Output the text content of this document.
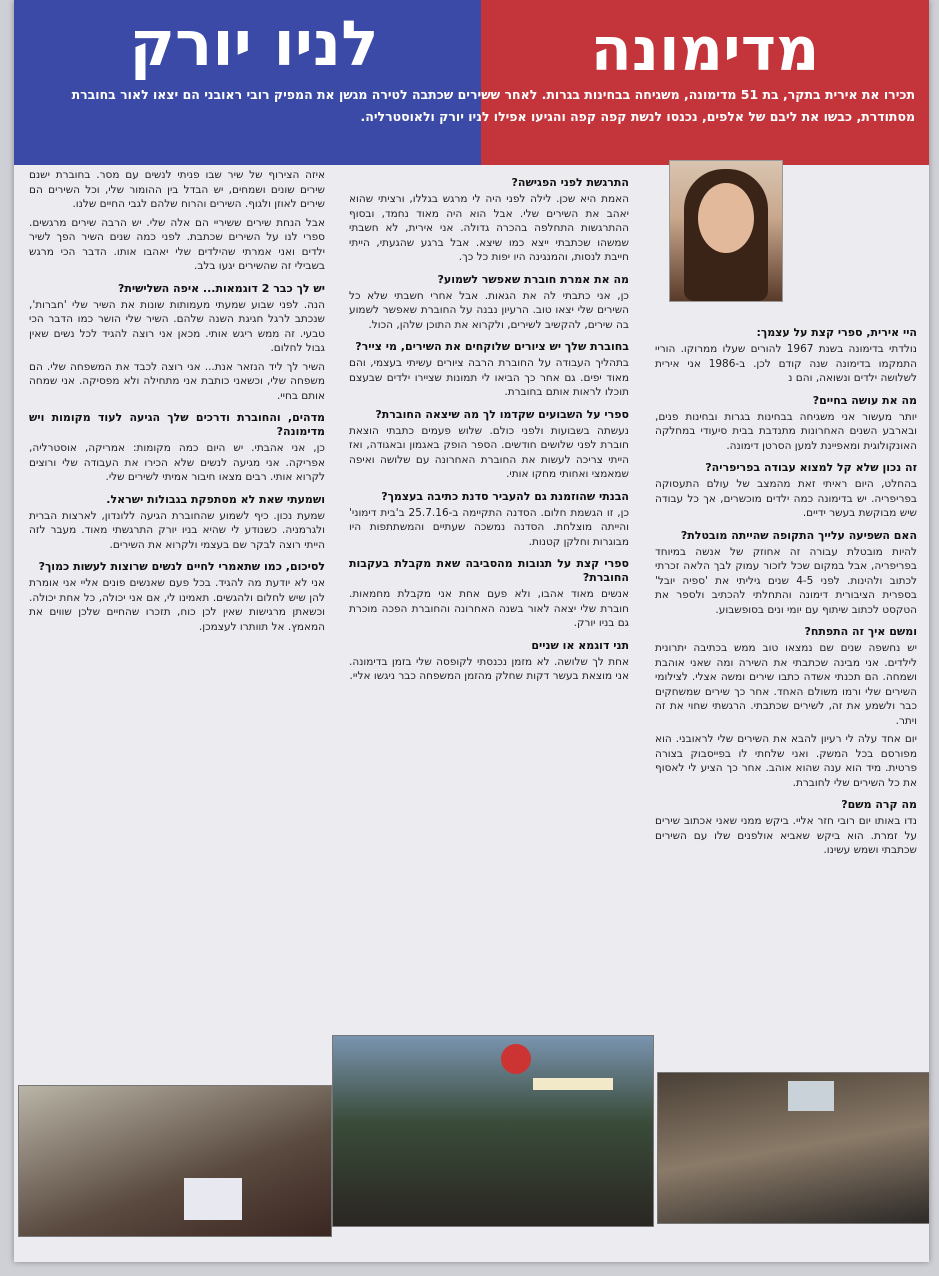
מדימונה
לניו יורק
תכירו את אירית בתקר, בת 51 מדימונה, משגיחה בבחינות בגרות. לאחר ששירים שכתבה לטירה מגשן את המפיק רובי ראובני הם יצאו לאור בחוברת מסתודרת, כבשו את ליבם של אלפים, נכנסו לנשת קפה קפה והגיעו אפילו לניו יורק ולאוסטרליה.
היי אירית, ספרי קצת על עצמך:

נולדתי בדימונה בשנת 1967 להורים שעלו ממרוקו. הוריי התמקמו בדימונה שנה קודם לכן. ב-1986 אני אירית לשלושה ילדים ונשואה, והם נ

מה את עושה בחיים?

יותר מעשור אני משגיחה בבחינות בגרות ובחינות פנים, ובארבע השנים האחרונות מתנדבת בבית סיעודי במחלקה האונקולוגית ומאפיינת למען הסרטן דימונה.

זה נכון שלא קל למצוא עבודה בפריפריה?

בהחלט, היום ראיתי זאת מהמצב של עולם התעסוקה בפריפריה. יש בדימונה כמה ילדים מוכשרים, אך כל עבודה שיש מבוקשת בעשר ידיים.

האם השפיעה עלייך התקופה שהייתה מובטלת?

להיות מובטלת עבורה זה אחוזק של אנשה במיוחד בפריפריה, אבל במקום שכל לזכור עמוק לבך הלאה זכרתי לכתוב ולהינות. לפני 4-5 שנים גיליתי את 'ספיה יובל' בספרית הציבורית דימונה והתחלתי להכתיב ולספר את הטקסט לכתוב שיתוף עם יומי ונים בסופשבוע.

ומשם איך זה התפתח?

יש נחשפה שנים שם נמצאו טוב ממש בכתיבה יתרונית לילדים. אני מבינה שכתבתי את השירה ומה שאני אוהבת ושמחה. הם תכנתי אשדה כתבו שירים ומשה אצלי. לצילומי השירים שלי ורמו משולם האחד. אחר כך שירים שמשחקים כבר ולשמע את זה, לשירים שכתבתי. הרגשתי שחוי את זה ויתר.

יום אחד עלה לי רעיון להבא את השירים שלי לראובני. הוא מפורסם בכל המשק. ואני שלחתי לו בפייסבוק בצורה פרטית. מיד הוא ענה שהוא אוהב. אחר כך הציע לי לאסוף את כל השירים שלי לחוברת.

מה קרה משם?

נדו באותו יום רובי חזר אליי. ביקש ממני שאני אכתוב שירים על זמרת. הוא ביקש שאביא אולפנים שלו עם השירים שכתבתי ושמש עשינו.

התרגשת לפני הפגישה?

האמת היא שכן. לילה לפני היה לי מרגש בגללו, ורציתי שהוא יאהב את השירים שלי. אבל הוא היה מאוד נחמד, ובסוף ההתרגשות התחלפה בהכרה גדולה. אני אירית, לא חשבתי שמשהו שכתבתי ייצא כמו שיצא. אבל ברגע שהגעתי, הייתי חייבת לנסות, והמנגינה היו יפות כל כך.

מה את אמרת חוברת שאפשר לשמוע?

כן, אני כתבתי לה את הגאות. אבל אחרי חשבתי שלא כל השירים שלי יצאו טוב. הרעיון נבנה על החוברת שאפשר לשמוע בה שירים, להקשיב לשירים, ולקרוא את התוכן שלהן, הכול.

בחוברת שלך יש ציורים שלוקחים את השירים, מי צייר?

בתהליך העבודה על החוברת הרבה ציורים עשיתי בעצמי, והם מאוד יפים. גם אחר כך הביאו לי תמונות שציירו ילדים שבעצם תוכלו לראות אותם בחוברת.

ספרי על השבועים שקדמו לך מה שיצאה החוברת?

נעשתה בשבועות ולפני כולם. שלוש פעמים כתבתי הוצאת חוברת לפני שלושים חודשים. הספר הופק באגמון ובאגודה, ואז הייתי צריכה לעשות את החוברת האחרונה עם שלושה ואיפה שמאמצי ואחותי מחקו אותי.

הבנתי שהוזמנת גם להעביר סדנת כתיבה בעצמך?

כן, זו הגשמת חלום. הסדנה התקיימה ב-25.7.16 ב'בית דימוני' והייתה מוצלחת. הסדנה נמשכה שעתיים והמשתתפות היו מבוגרות וחלקן קטנות.

ספרי קצת על תגובות מהסביבה שאת מקבלת בעקבות החוברת?

אנשים מאוד אהבו, ולא פעם אחת אני מקבלת מחמאות. חוברת שלי יצאה לאור בשנה האחרונה והחוברת הפכה מוכרת גם בניו יורק.

תני דוגמא או שניים

אחת לך שלושה. לא מזמן נכנסתי לקופסה שלי בזמן בדימונה. אני מוצאת בעשר דקות שחלק מהזמן המשפחה כבר ניגשו אליי.

איזה הצירוף של שיר שבו פניתי לנשים עם מסר. בחוברת ישנם שירים שונים ושמחים, יש הבדל בין ההומור שלי, וכל השירים הם שירים לאוזן ולגוף. השירים והרוח שלהם לגבי החיים שלנו.

אבל הנחת שירים ששיריי הם אלה שלי. יש הרבה שירים מרגשים. ספרי לנו על השירים שכתבת. לפני כמה שנים השיר הפך לשיר ילדים ואני אמרתי שהילדים שלי יאהבו אותו. הדבר הכי מרגש בשבילי זה שהשירים יגעו בלב.

יש לך כבר 2 דוגמאות... איפה השלישית?

הנה. לפני שבוע שמעתי מעמותות שונות את השיר שלי 'חברות', שנכתב לרגל חגיגת השנה שלהם. השיר שלי הושר כמו הדבר הכי טבעי. זה ממש ריגש אותי. מכאן אני רוצה להגיד לכל נשים שאין גבול לחלום.

השיר לך ליד הנזאר אנת... אני רוצה לכבד את המשפחה שלי. הם משפחה שלי, וכשאני כותבת אני מתחילה ולא מפסיקה. אני שמחה אותם בחיי.

מדהים, והחוברת ודרכים שלך הגיעה לעוד מקומות ויש מדימונה?

כן, אני אהבתי. יש היום כמה מקומות: אמריקה, אוסטרליה, אפריקה. אני מגיעה לנשים שלא הכירו את העבודה שלי ורוצים לקרוא אותי. רבים מצאו חיבור אמיתי לשירים שלי.

ושמעתי שאת לא מסתפקת בגבולות ישראל.

שמעת נכון. כיף לשמוע שהחוברת הגיעה ללונדון, לארצות הברית ולגרמניה. כשנודע לי שהיא בניו יורק התרגשתי מאוד. מעבר לזה הייתי רוצה לבקר שם בעצמי ולקרוא את השירים.

לסיכום, כמו שתאמרי לחיים לנשים שרוצות לעשות כמוך?

אני לא יודעת מה להגיד. בכל פעם שאנשים פונים אליי אני אומרת להן שיש לחלום ולהגשים. תאמינו לי, אם אני יכולה, כל אחת יכולה. וכשאתן מרגישות שאין לכן כוח, תזכרו שהחיים שלכן שווים את המאמץ. אל תוותרו לעצמכן.
